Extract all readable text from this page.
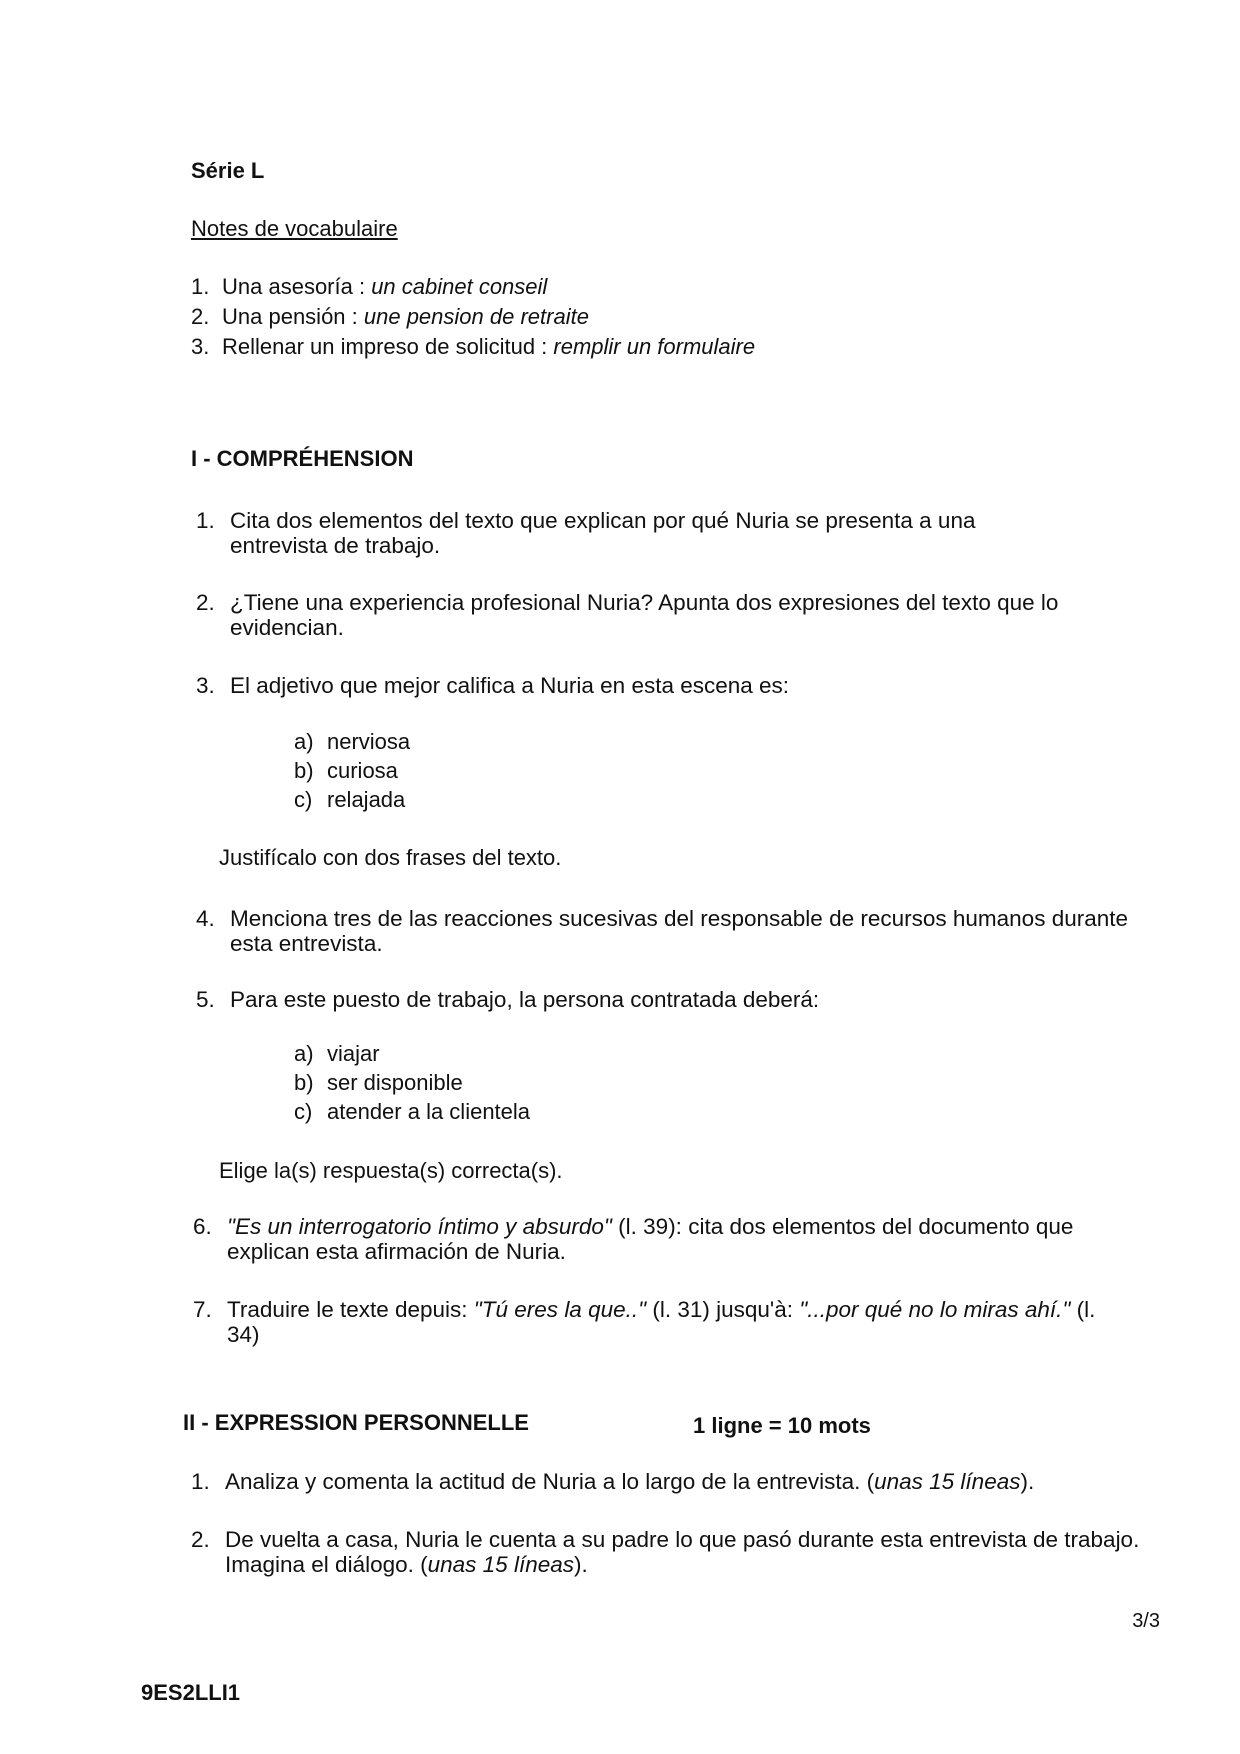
Série L
Notes de vocabulaire
1. Una asesoría : un cabinet conseil
2. Una pensión : une pension de retraite
3. Rellenar un impreso de solicitud : remplir un formulaire
I - COMPRÉHENSION
1. Cita dos elementos del texto que explican por qué Nuria se presenta a una entrevista de trabajo.
2. ¿Tiene una experiencia profesional Nuria? Apunta dos expresiones del texto que lo evidencian.
3. El adjetivo que mejor califica a Nuria en esta escena es:
a) nerviosa
b) curiosa
c) relajada
Justifícalo con dos frases del texto.
4. Menciona tres de las reacciones sucesivas del responsable de recursos humanos durante esta entrevista.
5. Para este puesto de trabajo, la persona contratada deberá:
a) viajar
b) ser disponible
c) atender a la clientela
Elige la(s) respuesta(s) correcta(s).
6. "Es un interrogatorio íntimo y absurdo" (l. 39): cita dos elementos del documento que explican esta afirmación de Nuria.
7. Traduire le texte depuis: "Tú eres la que.." (l. 31) jusqu'à: "...por qué no lo miras ahí." (l. 34)
II - EXPRESSION PERSONNELLE	1 ligne = 10 mots
1. Analiza y comenta la actitud de Nuria a lo largo de la entrevista. (unas 15 líneas).
2. De vuelta a casa, Nuria le cuenta a su padre lo que pasó durante esta entrevista de trabajo. Imagina el diálogo. (unas 15 líneas).
3/3
9ES2LLI1
